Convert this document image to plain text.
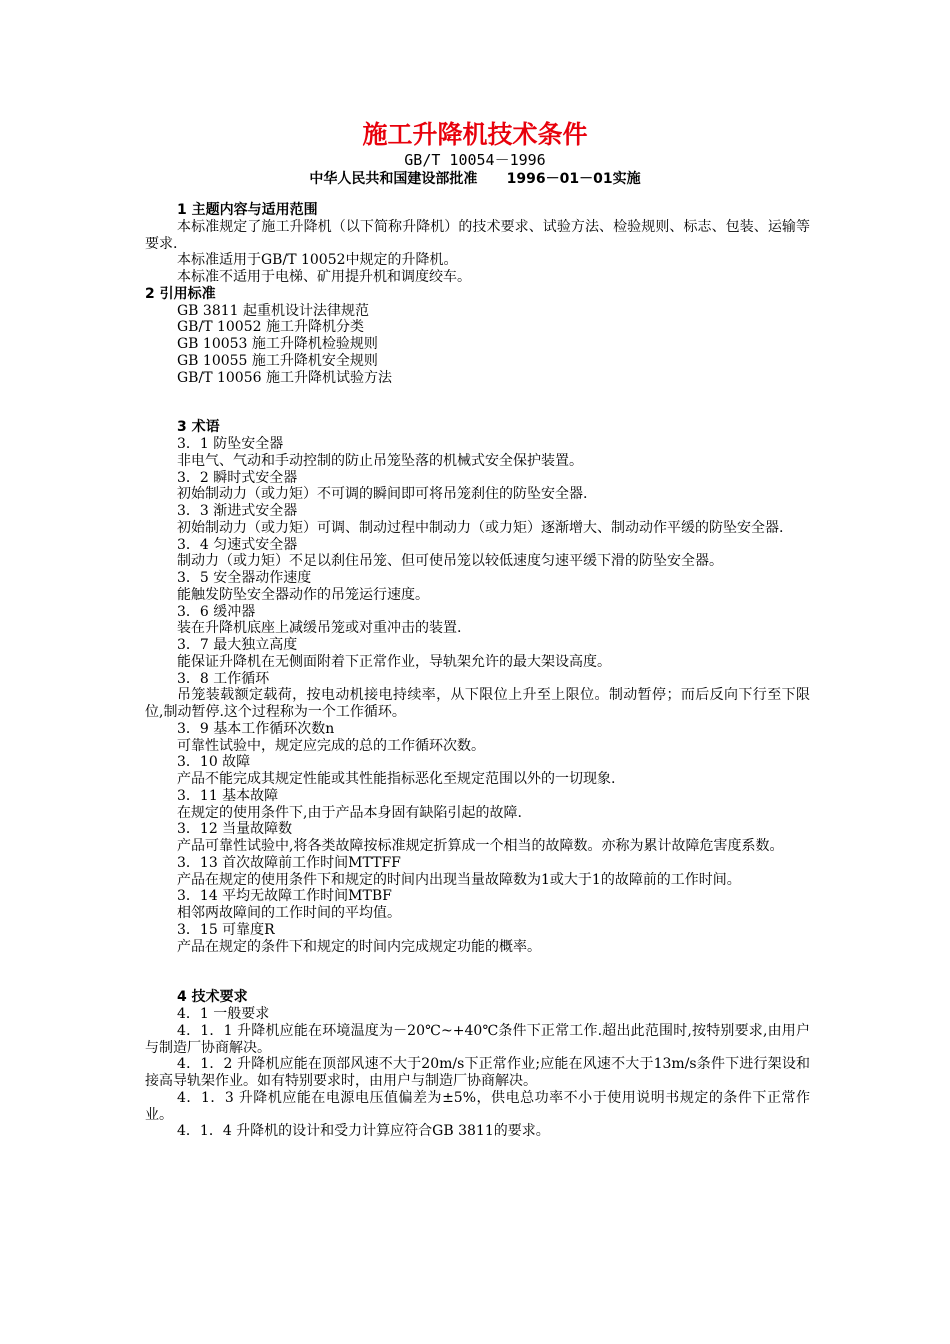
施工升降机技术条件
GB/T 10054－1996
中华人民共和国建设部批准      1996－01－01实施
1 主题内容与适用范围

本标准规定了施工升降机（以下简称升降机）的技术要求、试验方法、检验规则、标志、包装、运输等要求.

本标准适用于GB/T 10052中规定的升降机。
本标准不适用于电梯、矿用提升机和调度绞车。
2 引用标准
GB 3811 起重机设计法律规范
GB/T 10052 施工升降机分类
GB 10053 施工升降机检验规则
GB 10055 施工升降机安全规则
GB/T 10056 施工升降机试验方法
3 术语
3．1 防坠安全器

非电气、气动和手动控制的防止吊笼坠落的机械式安全保护装置。

3．2 瞬时式安全器

初始制动力（或力矩）不可调的瞬间即可将吊笼刹住的防坠安全器.

3．3 渐进式安全器

初始制动力（或力矩）可调、制动过程中制动力（或力矩）逐渐增大、制动动作平缓的防坠安全器.

3．4 匀速式安全器

制动力（或力矩）不足以刹住吊笼、但可使吊笼以较低速度匀速平缓下滑的防坠安全器。

3．5 安全器动作速度

能触发防坠安全器动作的吊笼运行速度。

3．6 缓冲器

装在升降机底座上减缓吊笼或对重冲击的装置.

3．7 最大独立高度

能保证升降机在无侧面附着下正常作业，导轨架允许的最大架设高度。

3．8 工作循环

吊笼装载额定载荷，按电动机接电持续率，从下限位上升至上限位。制动暂停；而后反向下行至下限位,制动暂停.这个过程称为一个工作循环。

3．9 基本工作循环次数n

可靠性试验中，规定应完成的总的工作循环次数。

3．10 故障

产品不能完成其规定性能或其性能指标恶化至规定范围以外的一切现象.

3．11 基本故障

在规定的使用条件下,由于产品本身固有缺陷引起的故障.

3．12 当量故障数

产品可靠性试验中,将各类故障按标准规定折算成一个相当的故障数。亦称为累计故障危害度系数。

3．13 首次故障前工作时间MTTFF

产品在规定的使用条件下和规定的时间内出现当量故障数为1或大于1的故障前的工作时间。

3．14 平均无故障工作时间MTBF

相邻两故障间的工作时间的平均值。

3．15 可靠度R

产品在规定的条件下和规定的时间内完成规定功能的概率。

4 技术要求
4．1 一般要求

4．1．1 升降机应能在环境温度为－20℃~+40℃条件下正常工作.超出此范围时,按特别要求,由用户与制造厂协商解决。

4．1．2 升降机应能在顶部风速不大于20m/s下正常作业;应能在风速不大于13m/s条件下进行架设和接高导轨架作业。如有特别要求时，由用户与制造厂协商解决。

4．1．3 升降机应能在电源电压值偏差为±5%，供电总功率不小于使用说明书规定的条件下正常作业。

4．1．4 升降机的设计和受力计算应符合GB 3811的要求。
